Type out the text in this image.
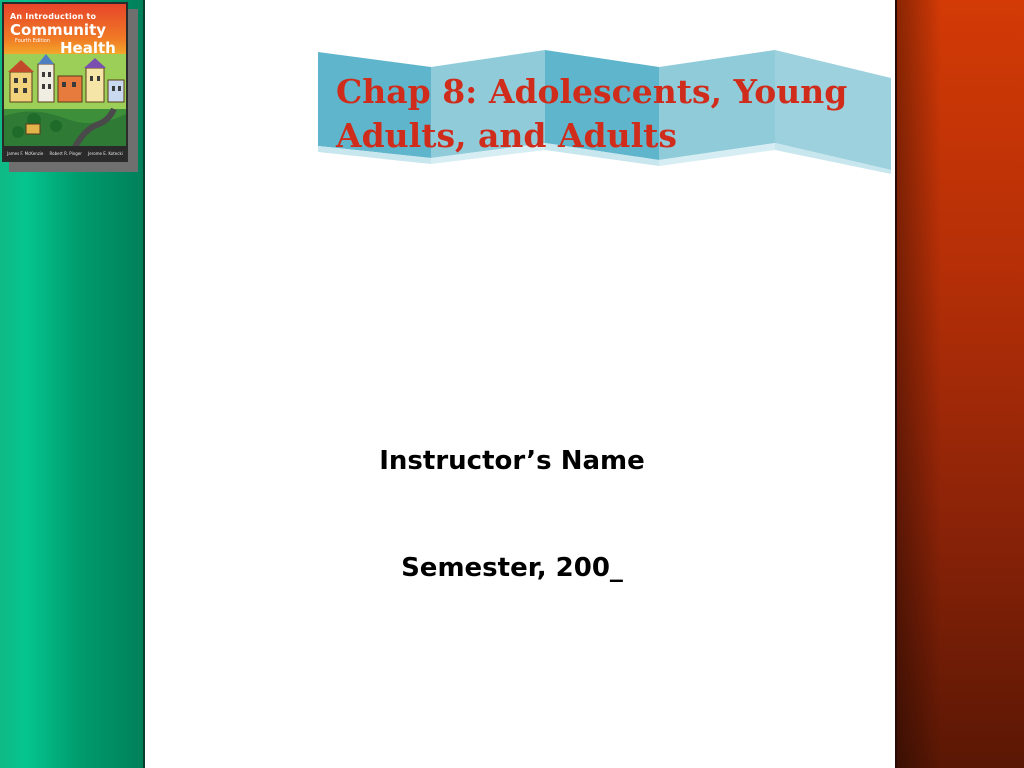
An Introduction to
Community
Fourth Edition Health
James F. McKenzie Robert R. Pinger Jerome E. Kotecki
Chap 8: Adolescents, Young Adults, and Adults

Instructor’s Name

Semester, 200_
